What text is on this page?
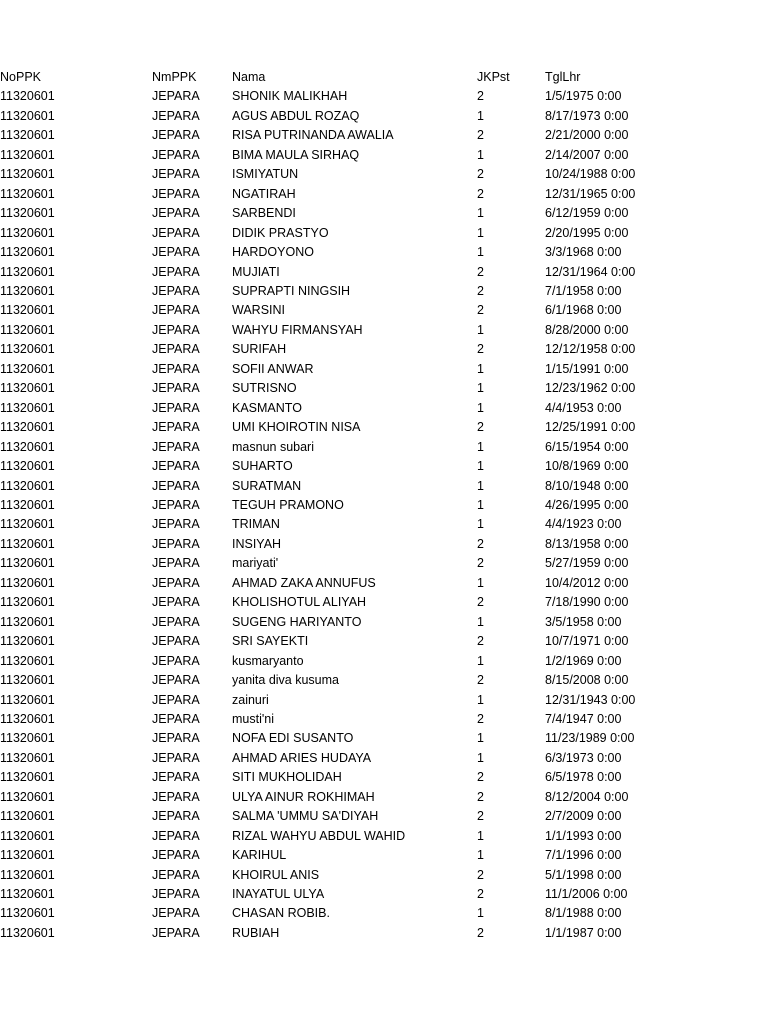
NoPPK	NmPPK	Nama	JKPst	TglLhr
11320601	JEPARA	SHONIK MALIKHAH	2	1/5/1975 0:00
11320601	JEPARA	AGUS ABDUL ROZAQ	1	8/17/1973 0:00
11320601	JEPARA	RISA PUTRINANDA AWALIA	2	2/21/2000 0:00
11320601	JEPARA	BIMA MAULA SIRHAQ	1	2/14/2007 0:00
11320601	JEPARA	ISMIYATUN	2	10/24/1988 0:00
11320601	JEPARA	NGATIRAH	2	12/31/1965 0:00
11320601	JEPARA	SARBENDI	1	6/12/1959 0:00
11320601	JEPARA	DIDIK PRASTYO	1	2/20/1995 0:00
11320601	JEPARA	HARDOYONO	1	3/3/1968 0:00
11320601	JEPARA	MUJIATI	2	12/31/1964 0:00
11320601	JEPARA	SUPRAPTI NINGSIH	2	7/1/1958 0:00
11320601	JEPARA	WARSINI	2	6/1/1968 0:00
11320601	JEPARA	WAHYU FIRMANSYAH	1	8/28/2000 0:00
11320601	JEPARA	SURIFAH	2	12/12/1958 0:00
11320601	JEPARA	SOFII ANWAR	1	1/15/1991 0:00
11320601	JEPARA	SUTRISNO	1	12/23/1962 0:00
11320601	JEPARA	KASMANTO	1	4/4/1953 0:00
11320601	JEPARA	UMI KHOIROTIN NISA	2	12/25/1991 0:00
11320601	JEPARA	masnun subari	1	6/15/1954 0:00
11320601	JEPARA	SUHARTO	1	10/8/1969 0:00
11320601	JEPARA	SURATMAN	1	8/10/1948 0:00
11320601	JEPARA	TEGUH PRAMONO	1	4/26/1995 0:00
11320601	JEPARA	TRIMAN	1	4/4/1923 0:00
11320601	JEPARA	INSIYAH	2	8/13/1958 0:00
11320601	JEPARA	mariyati'	2	5/27/1959 0:00
11320601	JEPARA	AHMAD ZAKA ANNUFUS	1	10/4/2012 0:00
11320601	JEPARA	KHOLISHOTUL ALIYAH	2	7/18/1990 0:00
11320601	JEPARA	SUGENG HARIYANTO	1	3/5/1958 0:00
11320601	JEPARA	SRI SAYEKTI	2	10/7/1971 0:00
11320601	JEPARA	kusmaryanto	1	1/2/1969 0:00
11320601	JEPARA	yanita diva kusuma	2	8/15/2008 0:00
11320601	JEPARA	zainuri	1	12/31/1943 0:00
11320601	JEPARA	musti'ni	2	7/4/1947 0:00
11320601	JEPARA	NOFA EDI SUSANTO	1	11/23/1989 0:00
11320601	JEPARA	AHMAD ARIES HUDAYA	1	6/3/1973 0:00
11320601	JEPARA	SITI MUKHOLIDAH	2	6/5/1978 0:00
11320601	JEPARA	ULYA AINUR ROKHIMAH	2	8/12/2004 0:00
11320601	JEPARA	SALMA 'UMMU SA'DIYAH	2	2/7/2009 0:00
11320601	JEPARA	RIZAL WAHYU ABDUL WAHID	1	1/1/1993 0:00
11320601	JEPARA	KARIHUL	1	7/1/1996 0:00
11320601	JEPARA	KHOIRUL ANIS	2	5/1/1998 0:00
11320601	JEPARA	INAYATUL ULYA	2	11/1/2006 0:00
11320601	JEPARA	CHASAN ROBIB.	1	8/1/1988 0:00
11320601	JEPARA	RUBIAH	2	1/1/1987 0:00
